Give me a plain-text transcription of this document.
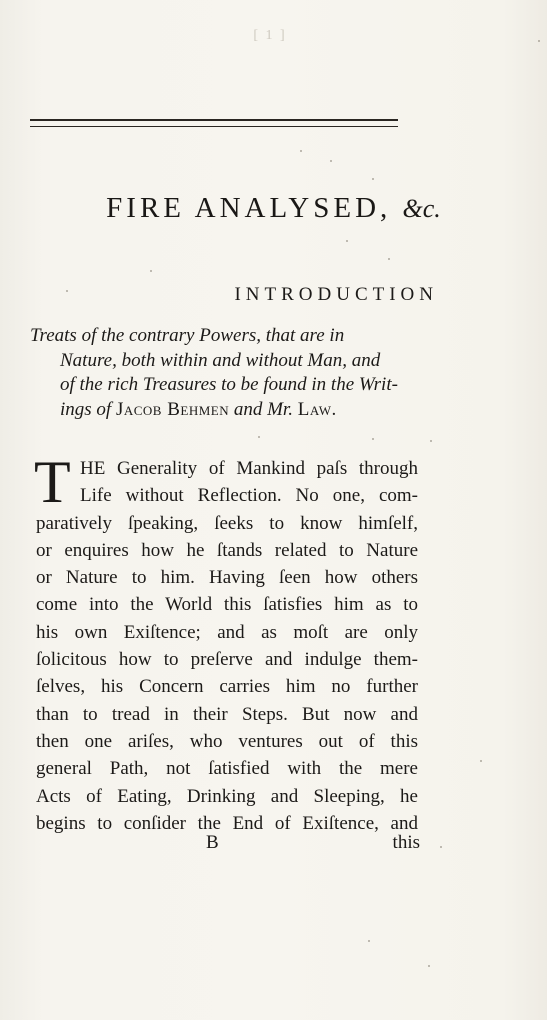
[ 1 ]
FIRE ANALYSED, &c.
INTRODUCTION
Treats of the contrary Powers, that are in
Nature, both within and without Man, and
of the rich Treasures to be found in the Writ-
ings of Jacob Behmen and Mr. Law.
T HE Generality of Mankind paſs through
Life without Reflection. No one, com-
paratively ſpeaking, ſeeks to know himſelf,
or enquires how he ſtands related to Nature
or Nature to him. Having ſeen how others
come into the World this ſatisfies him as to
his own Exiſtence; and as moſt are only
ſolicitous how to preſerve and indulge them-
ſelves, his Concern carries him no further
than to tread in their Steps. But now and
then one ariſes, who ventures out of this
general Path, not ſatisfied with the mere
Acts of Eating, Drinking and Sleeping, he
begins to conſider the End of Exiſtence, and
B	this
